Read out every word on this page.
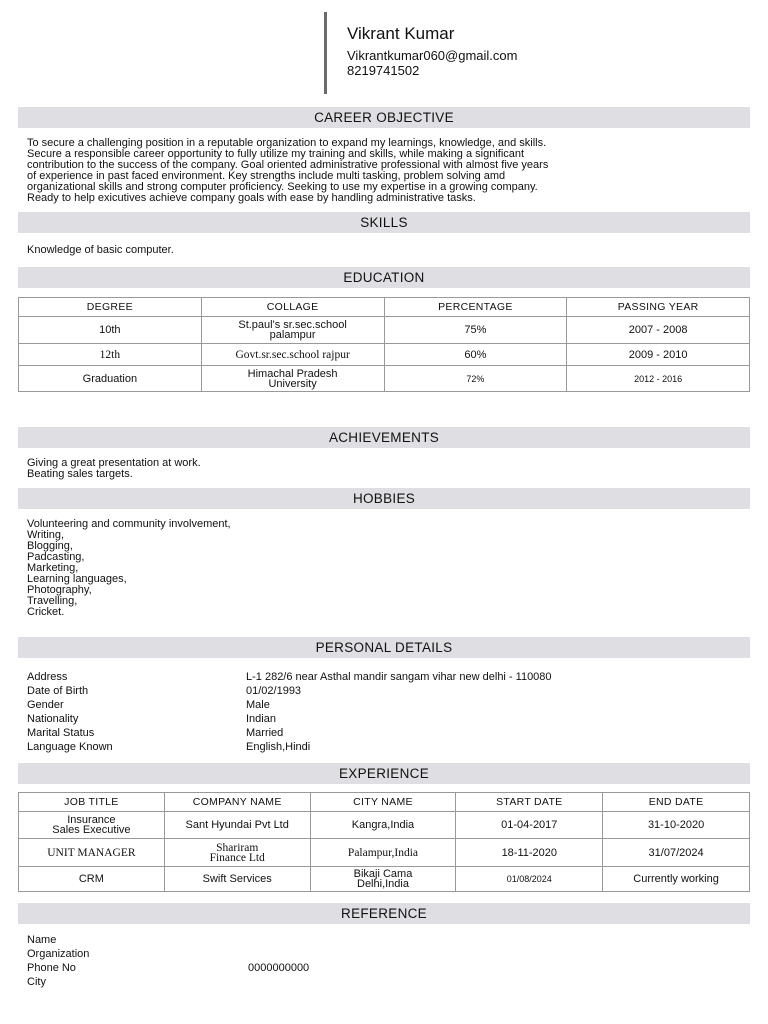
Vikrant Kumar
Vikrantkumar060@gmail.com
8219741502
CAREER OBJECTIVE
To secure a challenging position in a reputable organization to expand my learnings, knowledge, and skills.
Secure a responsible career opportunity to fully utilize my training and skills, while making a significant
contribution to the success of the company. Goal oriented administrative professional with almost five years
of experience in past faced environment. Key strengths include multi tasking, problem solving amd
organizational skills and strong computer proficiency. Seeking to use my expertise in a growing company.
Ready to help exicutives achieve company goals with ease by handling administrative tasks.
SKILLS
Knowledge of basic computer.
EDUCATION
DEGREE	COLLAGE	PERCENTAGE	PASSING YEAR
10th	St.paul's sr.sec.school
palampur	75%	2007 - 2008
12th	Govt.sr.sec.school rajpur	60%	2009 - 2010
Graduation	Himachal Pradesh
University	72%	2012 - 2016
ACHIEVEMENTS
Giving a great presentation at work.
Beating sales targets.
HOBBIES
Volunteering and community involvement,
Writing,
Blogging,
Padcasting,
Marketing,
Learning languages,
Photography,
Travelling,
Cricket.
PERSONAL DETAILS
Address	L-1 282/6 near Asthal mandir sangam vihar new delhi - 110080
Date of Birth	01/02/1993
Gender	Male
Nationality	Indian
Marital Status	Married
Language Known	English,Hindi
EXPERIENCE
JOB TITLE	COMPANY NAME	CITY NAME	START DATE	END DATE

Insurance
Sales Executive	Sant Hyundai Pvt Ltd	Kangra,India	01-04-2017	31-10-2020

UNIT MANAGER	Shariram
Finance Ltd	Palampur,India	18-11-2020	31/07/2024

CRM	Swift Services	Bikaji Cama
Delhi,India	01/08/2024	Currently working
REFERENCE
Name
Organization
Phone No	0000000000
City
